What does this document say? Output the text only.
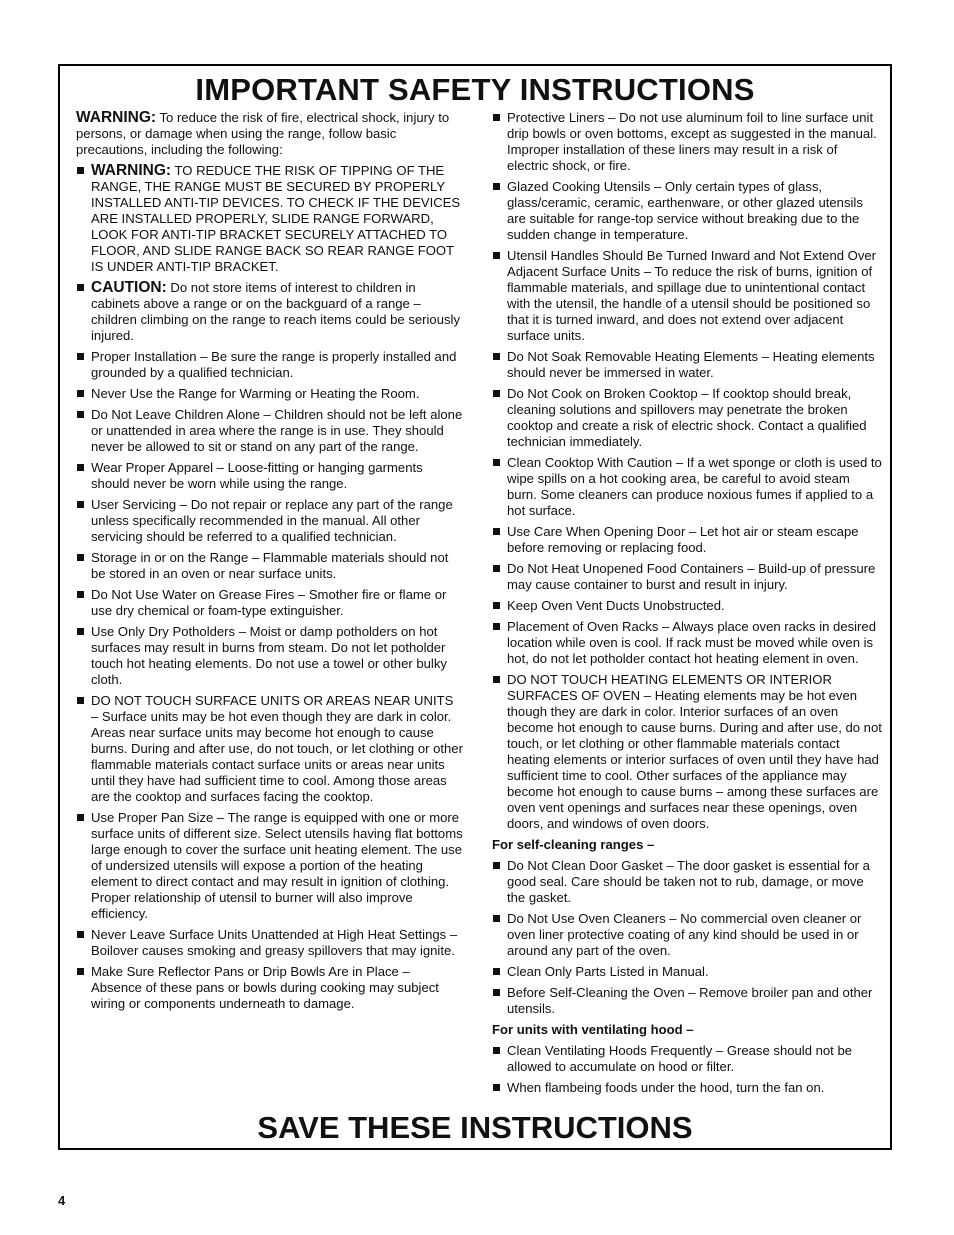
IMPORTANT SAFETY INSTRUCTIONS

WARNING: To reduce the risk of fire, electrical shock, injury to persons, or damage when using the range, follow basic precautions, including the following:

WARNING: TO REDUCE THE RISK OF TIPPING OF THE RANGE, THE RANGE MUST BE SECURED BY PROPERLY INSTALLED ANTI-TIP DEVICES. TO CHECK IF THE DEVICES ARE INSTALLED PROPERLY, SLIDE RANGE FORWARD, LOOK FOR ANTI-TIP BRACKET SECURELY ATTACHED TO FLOOR, AND SLIDE RANGE BACK SO REAR RANGE FOOT IS UNDER ANTI-TIP BRACKET.
CAUTION: Do not store items of interest to children in cabinets above a range or on the backguard of a range – children climbing on the range to reach items could be seriously injured.
Proper Installation – Be sure the range is properly installed and grounded by a qualified technician.
Never Use the Range for Warming or Heating the Room.
Do Not Leave Children Alone – Children should not be left alone or unattended in area where the range is in use. They should never be allowed to sit or stand on any part of the range.
Wear Proper Apparel – Loose-fitting or hanging garments should never be worn while using the range.
User Servicing – Do not repair or replace any part of the range unless specifically recommended in the manual. All other servicing should be referred to a qualified technician.
Storage in or on the Range – Flammable materials should not be stored in an oven or near surface units.
Do Not Use Water on Grease Fires – Smother fire or flame or use dry chemical or foam-type extinguisher.
Use Only Dry Potholders – Moist or damp potholders on hot surfaces may result in burns from steam. Do not let potholder touch hot heating elements. Do not use a towel or other bulky cloth.
DO NOT TOUCH SURFACE UNITS OR AREAS NEAR UNITS – Surface units may be hot even though they are dark in color. Areas near surface units may become hot enough to cause burns. During and after use, do not touch, or let clothing or other flammable materials contact surface units or areas near units until they have had sufficient time to cool. Among those areas are the cooktop and surfaces facing the cooktop.
Use Proper Pan Size – The range is equipped with one or more surface units of different size. Select utensils having flat bottoms large enough to cover the surface unit heating element. The use of undersized utensils will expose a portion of the heating element to direct contact and may result in ignition of clothing. Proper relationship of utensil to burner will also improve efficiency.
Never Leave Surface Units Unattended at High Heat Settings – Boilover causes smoking and greasy spillovers that may ignite.
Make Sure Reflector Pans or Drip Bowls Are in Place – Absence of these pans or bowls during cooking may subject wiring or components underneath to damage.
Protective Liners – Do not use aluminum foil to line surface unit drip bowls or oven bottoms, except as suggested in the manual. Improper installation of these liners may result in a risk of electric shock, or fire.
Glazed Cooking Utensils – Only certain types of glass, glass/ceramic, ceramic, earthenware, or other glazed utensils are suitable for range-top service without breaking due to the sudden change in temperature.
Utensil Handles Should Be Turned Inward and Not Extend Over Adjacent Surface Units – To reduce the risk of burns, ignition of flammable materials, and spillage due to unintentional contact with the utensil, the handle of a utensil should be positioned so that it is turned inward, and does not extend over adjacent surface units.
Do Not Soak Removable Heating Elements – Heating elements should never be immersed in water.
Do Not Cook on Broken Cooktop – If cooktop should break, cleaning solutions and spillovers may penetrate the broken cooktop and create a risk of electric shock. Contact a qualified technician immediately.
Clean Cooktop With Caution – If a wet sponge or cloth is used to wipe spills on a hot cooking area, be careful to avoid steam burn. Some cleaners can produce noxious fumes if applied to a hot surface.
Use Care When Opening Door – Let hot air or steam escape before removing or replacing food.
Do Not Heat Unopened Food Containers – Build-up of pressure may cause container to burst and result in injury.
Keep Oven Vent Ducts Unobstructed.
Placement of Oven Racks – Always place oven racks in desired location while oven is cool. If rack must be moved while oven is hot, do not let potholder contact hot heating element in oven.
DO NOT TOUCH HEATING ELEMENTS OR INTERIOR SURFACES OF OVEN – Heating elements may be hot even though they are dark in color. Interior surfaces of an oven become hot enough to cause burns. During and after use, do not touch, or let clothing or other flammable materials contact heating elements or interior surfaces of oven until they have had sufficient time to cool. Other surfaces of the appliance may become hot enough to cause burns – among these surfaces are oven vent openings and surfaces near these openings, oven doors, and windows of oven doors.

For self-cleaning ranges –

Do Not Clean Door Gasket – The door gasket is essential for a good seal. Care should be taken not to rub, damage, or move the gasket.
Do Not Use Oven Cleaners – No commercial oven cleaner or oven liner protective coating of any kind should be used in or around any part of the oven.
Clean Only Parts Listed in Manual.
Before Self-Cleaning the Oven – Remove broiler pan and other utensils.

For units with ventilating hood –

Clean Ventilating Hoods Frequently – Grease should not be allowed to accumulate on hood or filter.
When flambeing foods under the hood, turn the fan on.
SAVE THESE INSTRUCTIONS
4
